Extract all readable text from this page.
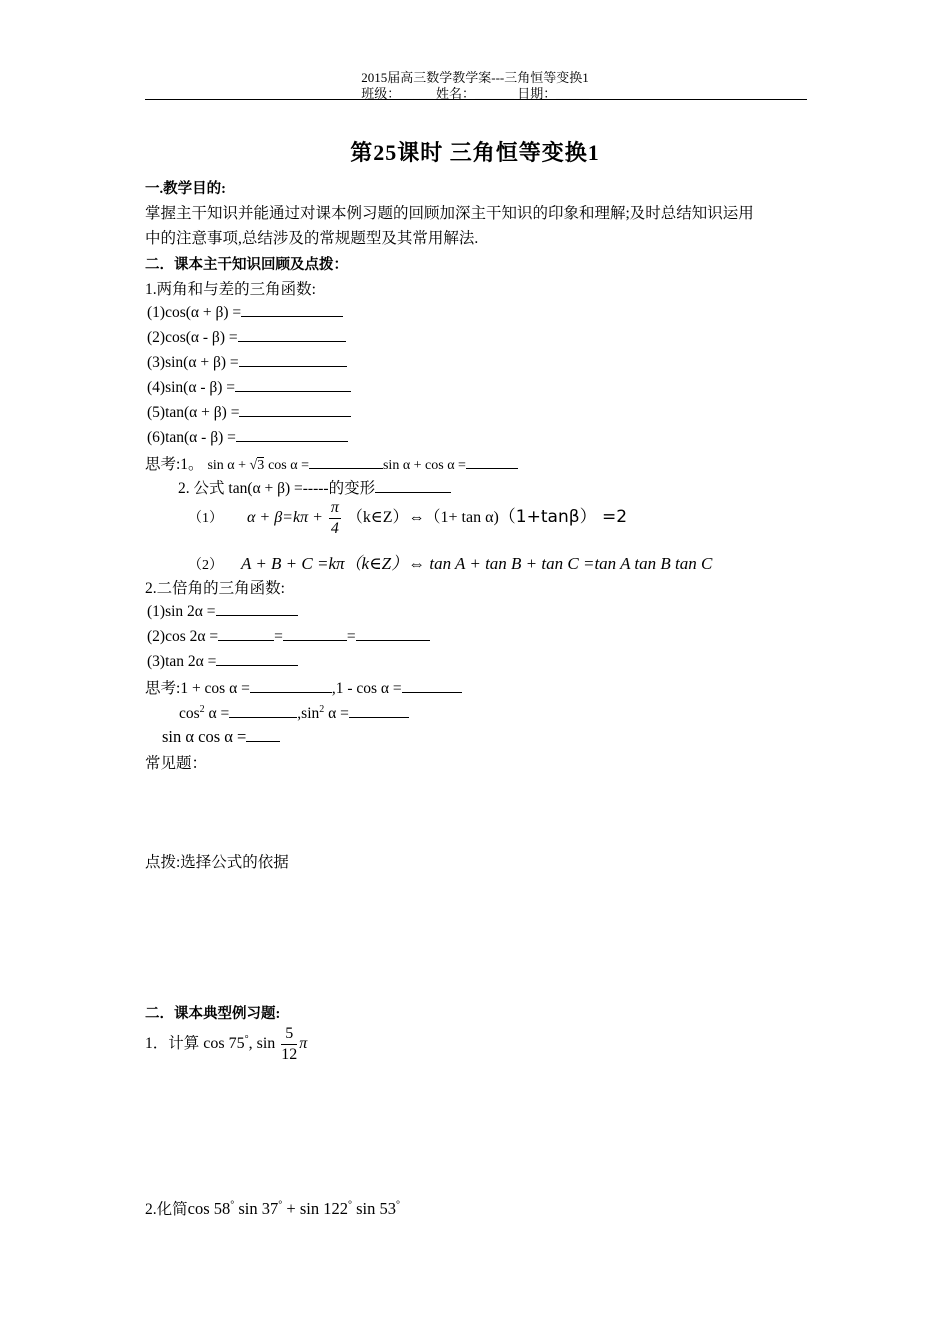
2015届高三数学教学案---三角恒等变换1
班级：_____ 姓名：______ 日期：_____
第25课时 三角恒等变换1
一.教学目的:
掌握主干知识并能通过对课本例习题的回顾加深主干知识的印象和理解;及时总结知识运用
中的注意事项,总结涉及的常规题型及其常用解法.
二．课本主干知识回顾及点拨：
1.两角和与差的三角函数:
(1)cos(α + β) =
(2)cos(α - β) =
(3)sin(α + β) =
(4)sin(α - β) =
(5)tan(α + β) =
(6)tan(α - β) =
思考:1。 sin α + √3 cos α =	sin α + cos α =
2. 公式 tan(α + β) =-----的变形
（1） $\alpha + \beta=k\pi + \frac{\pi}{4}$ （k∈Z）⇔（1+ tan α)（1+tanβ） =2
（2） A + B + C =kπ（k∈Z）⇔ tan A + tan B + tan C =tan A tan B tan C
2.二倍角的三角函数:
(1)sin 2α =
(2)cos 2α =	=	=
(3)tan 2α =
思考:1 + cos α =	,1 - cos α =
$\cos^2 \alpha$ =	$,\sin^2$ α =
sin α cos α =
常见题：
点拨:选择公式的依据
二．课本典型例习题:
1．计算 cos 75°, $\sin \frac{5}{12}$ π
2.化简cos 58° sin 37° + sin 122° sin 53°
